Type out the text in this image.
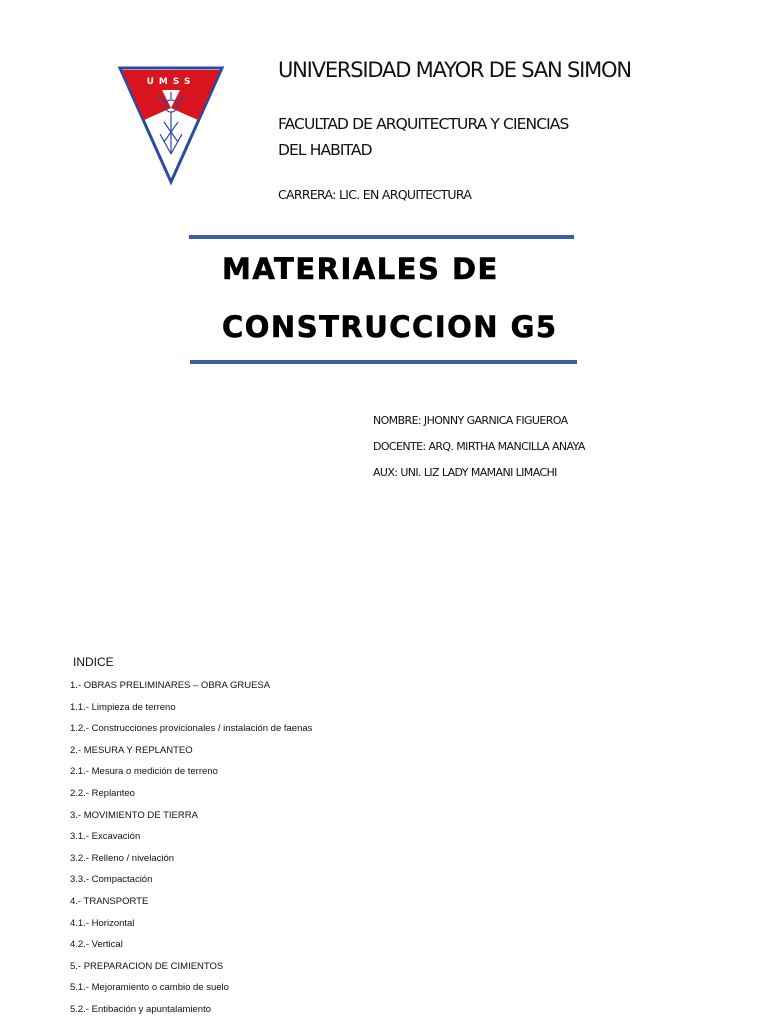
UMSS	UNIVERSIDAD MAYOR DE SAN SIMON
FACULTAD DE ARQUITECTURA Y CIENCIAS
DEL HABITAD
CARRERA: LIC. EN ARQUITECTURA
MATERIALES DE
CONSTRUCCION G5
NOMBRE: JHONNY GARNICA FIGUEROA
DOCENTE: ARQ. MIRTHA MANCILLA ANAYA
AUX: UNI. LIZ LADY MAMANI LIMACHI
INDICE
1.- OBRAS PRELIMINARES – OBRA GRUESA
1.1.- Limpieza de terreno
1.2.- Construcciones provicionales / instalación de faenas
2.- MESURA Y REPLANTEO
2.1.- Mesura o medición de terreno
2.2.- Replanteo
3.- MOVIMIENTO DE TIERRA
3.1.- Excavación
3.2.- Relleno / nivelación
3.3.- Compactación
4.- TRANSPORTE
4.1.- Horizontal
4.2.- Vertical
5.- PREPARACION DE CIMIENTOS
5.1.- Mejoramiento o cambio de suelo
5.2.- Entibación y apuntalamiento
